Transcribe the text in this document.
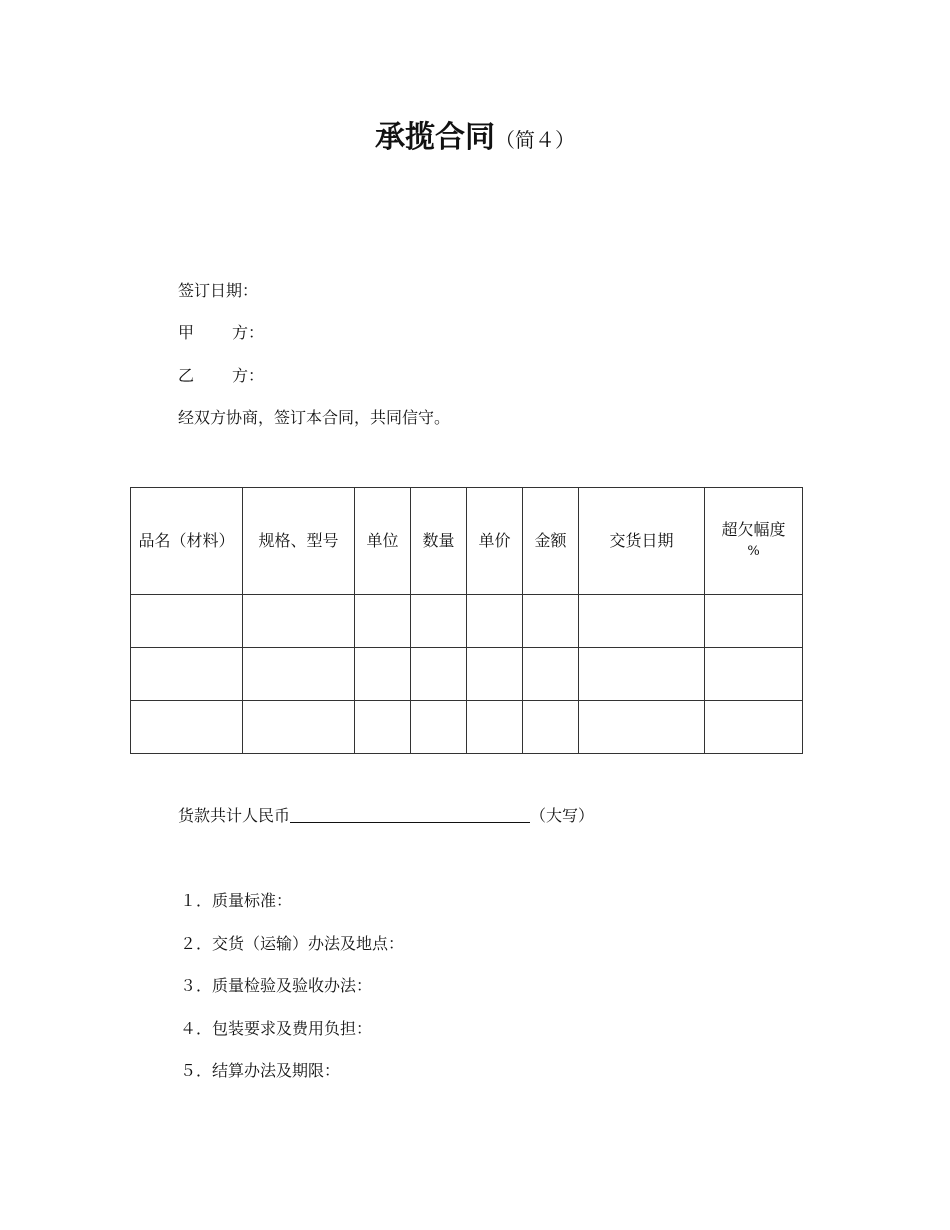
承揽合同（简４）
签订日期：
甲 方：
乙 方：
经双方协商，签订本合同，共同信守。
品名（材料）	规格、型号	单位	数量	单价	金额	交货日期	超欠幅度
%

货款共计人民币	（大写）
１．质量标准：
２．交货（运输）办法及地点：
３．质量检验及验收办法：
４．包装要求及费用负担：
５．结算办法及期限：
